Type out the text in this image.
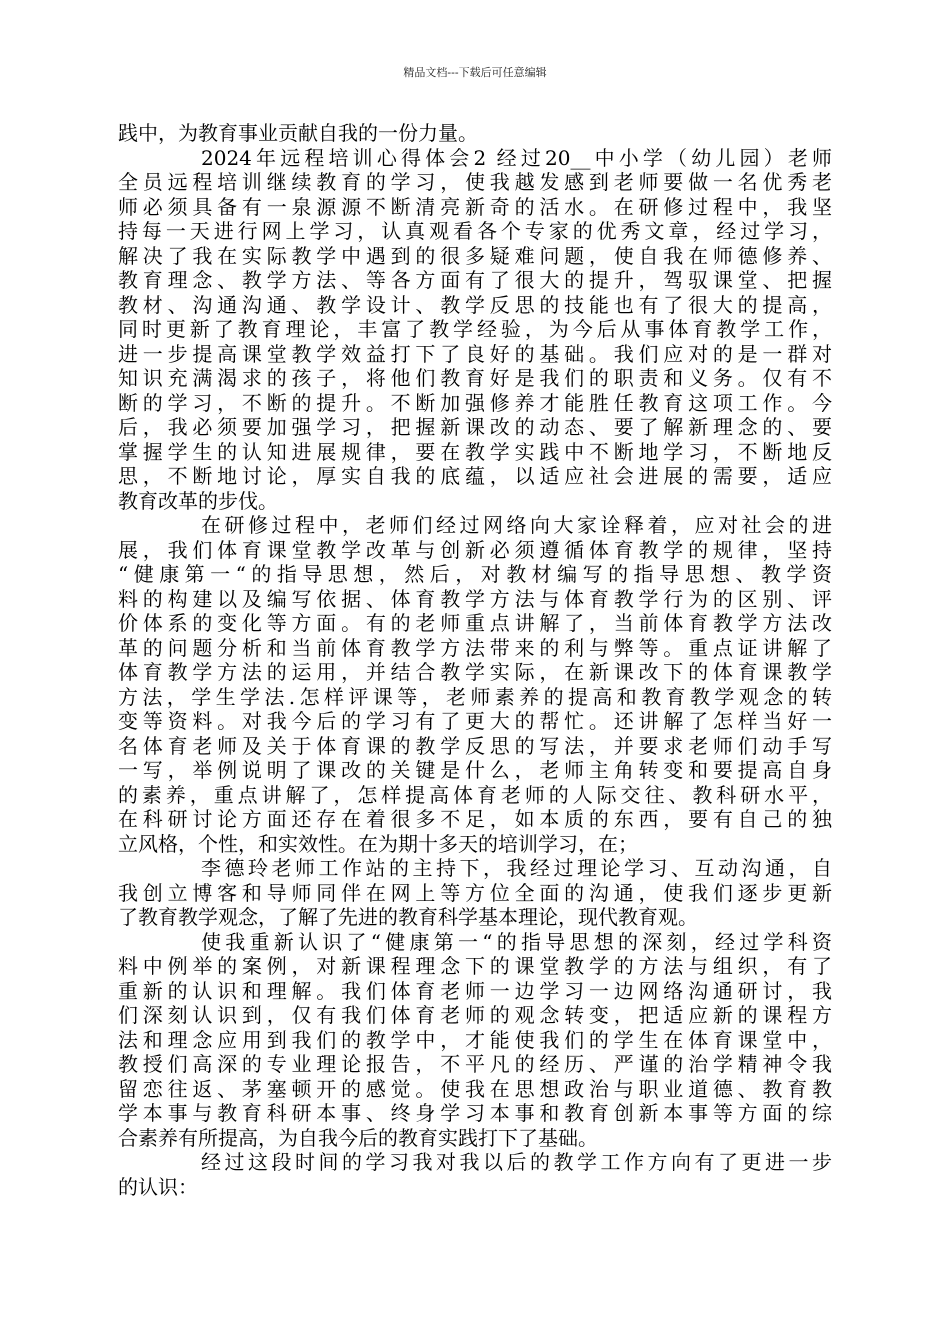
精品文档---下载后可任意编辑
践中，为教育事业贡献自我的一份力量。
2024年远程培训心得体会2 经过20__中小学（幼儿园）老师
全员远程培训继续教育的学习，使我越发感到老师要做一名优秀老
师必须具备有一泉源源不断清亮新奇的活水。在研修过程中，我坚
持每一天进行网上学习，认真观看各个专家的优秀文章，经过学习，
解决了我在实际教学中遇到的很多疑难问题，使自我在师德修养、
教育理念、教学方法、等各方面有了很大的提升，驾驭课堂、把握
教材、沟通沟通、教学设计、教学反思的技能也有了很大的提高，
同时更新了教育理论，丰富了教学经验，为今后从事体育教学工作，
进一步提高课堂教学效益打下了良好的基础。我们应对的是一群对
知识充满渴求的孩子，将他们教育好是我们的职责和义务。仅有不
断的学习，不断的提升。不断加强修养才能胜任教育这项工作。今
后，我必须要加强学习，把握新课改的动态、要了解新理念的、要
掌握学生的认知进展规律，要在教学实践中不断地学习，不断地反
思，不断地讨论，厚实自我的底蕴，以适应社会进展的需要，适应
教育改革的步伐。
在研修过程中，老师们经过网络向大家诠释着，应对社会的进
展，我们体育课堂教学改革与创新必须遵循体育教学的规律，坚持
“健康第一“的指导思想，然后，对教材编写的指导思想、教学资
料的构建以及编写依据、体育教学方法与体育教学行为的区别、评
价体系的变化等方面。有的老师重点讲解了，当前体育教学方法改
革的问题分析和当前体育教学方法带来的利与弊等。重点证讲解了
体育教学方法的运用，并结合教学实际，在新课改下的体育课教学
方法，学生学法.怎样评课等，老师素养的提高和教育教学观念的转
变等资料。对我今后的学习有了更大的帮忙。还讲解了怎样当好一
名体育老师及关于体育课的教学反思的写法，并要求老师们动手写
一写，举例说明了课改的关键是什么，老师主角转变和要提高自身
的素养，重点讲解了，怎样提高体育老师的人际交往、教科研水平，
在科研讨论方面还存在着很多不足，如本质的东西，要有自己的独
立风格，个性，和实效性。在为期十多天的培训学习，在；
李德玲老师工作站的主持下，我经过理论学习、互动沟通，自
我创立博客和导师同伴在网上等方位全面的沟通，使我们逐步更新
了教育教学观念，了解了先进的教育科学基本理论，现代教育观。
使我重新认识了“健康第一“的指导思想的深刻，经过学科资
料中例举的案例，对新课程理念下的课堂教学的方法与组织，有了
重新的认识和理解。我们体育老师一边学习一边网络沟通研讨，我
们深刻认识到，仅有我们体育老师的观念转变，把适应新的课程方
法和理念应用到我们的教学中，才能使我们的学生在体育课堂中，
教授们高深的专业理论报告，不平凡的经历、严谨的治学精神令我
留恋往返、茅塞顿开的感觉。使我在思想政治与职业道德、教育教
学本事与教育科研本事、终身学习本事和教育创新本事等方面的综
合素养有所提高，为自我今后的教育实践打下了基础。
经过这段时间的学习我对我以后的教学工作方向有了更进一步
的认识：
